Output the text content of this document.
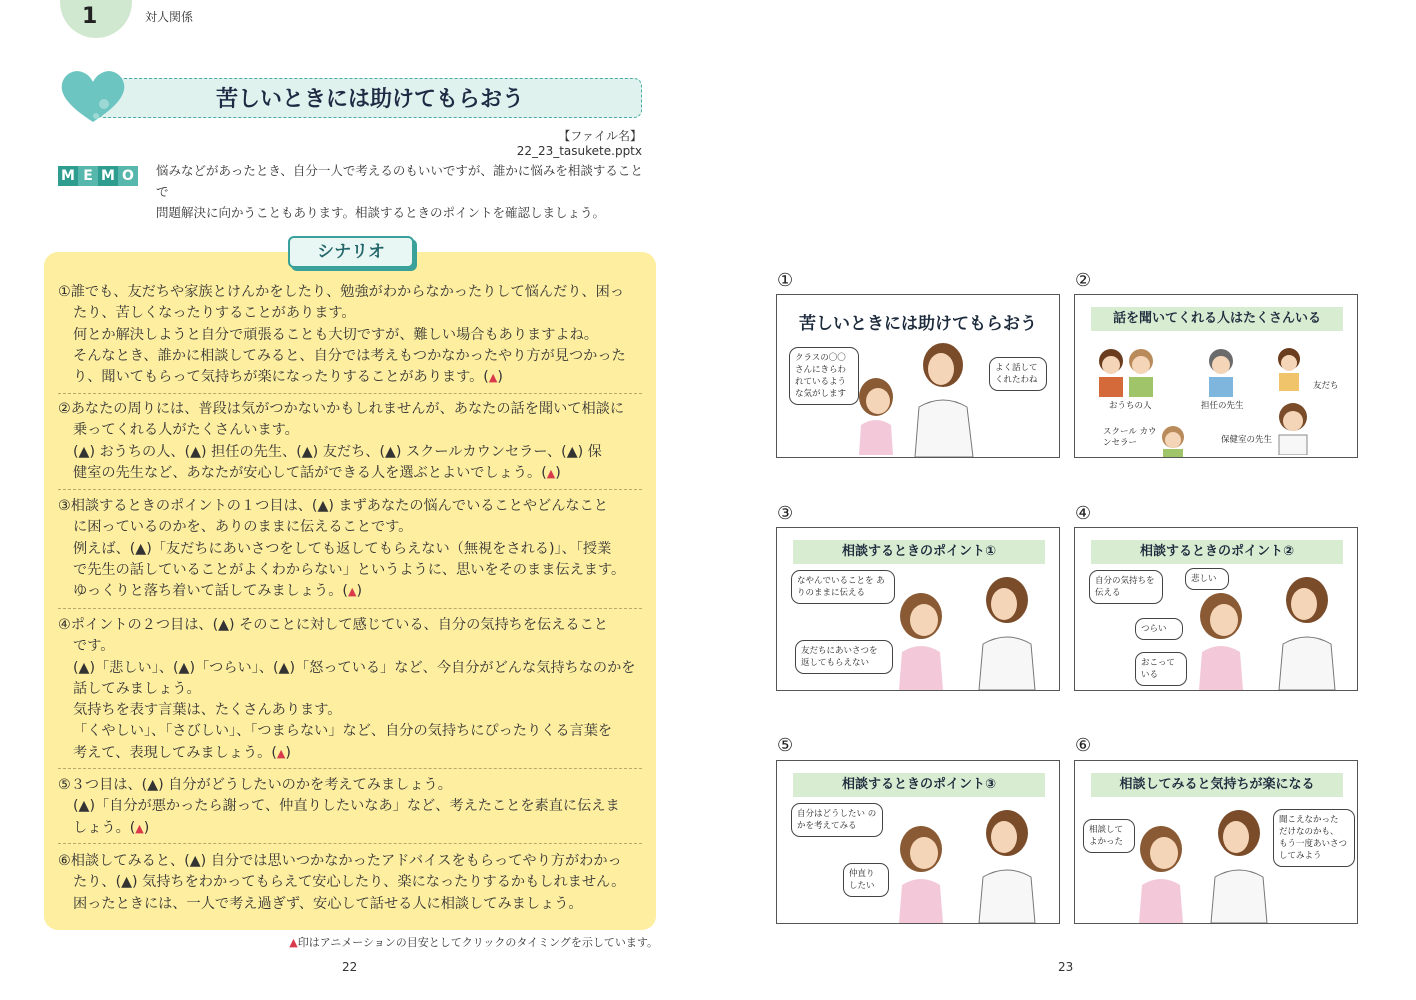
1	対人関係
苦しいときには助けてもらおう
【ファイル名】22_23_tasukete.pptx
M E M O	悩みなどがあったとき、自分一人で考えるのもいいですが、誰かに悩みを相談することで
問題解決に向かうこともあります。相談するときのポイントを確認しましょう。
シナリオ

①誰でも、友だちや家族とけんかをしたり、勉強がわからなかったりして悩んだり、困っ

たり、苦しくなったりすることがあります。

何とか解決しようと自分で頑張ることも大切ですが、難しい場合もありますよね。

そんなとき、誰かに相談してみると、自分では考えもつかなかったやり方が見つかった

り、聞いてもらって気持ちが楽になったりすることがあります。(▲)

②あなたの周りには、普段は気がつかないかもしれませんが、あなたの話を聞いて相談に

乗ってくれる人がたくさんいます。

(▲) おうちの人、(▲) 担任の先生、(▲) 友だち、(▲) スクールカウンセラー、(▲) 保

健室の先生など、あなたが安心して話ができる人を選ぶとよいでしょう。(▲)

③相談するときのポイントの１つ目は、(▲) まずあなたの悩んでいることやどんなこと

に困っているのかを、ありのままに伝えることです。

例えば、(▲)「友だちにあいさつをしても返してもらえない（無視をされる)」、「授業

で先生の話していることがよくわからない」というように、思いをそのまま伝えます。

ゆっくりと落ち着いて話してみましょう。(▲)

④ポイントの２つ目は、(▲) そのことに対して感じている、自分の気持ちを伝えること

です。

(▲)「悲しい」、(▲)「つらい」、(▲)「怒っている」など、今自分がどんな気持ちなのかを

話してみましょう。

気持ちを表す言葉は、たくさんあります。

「くやしい」、「さびしい」、「つまらない」など、自分の気持ちにぴったりくる言葉を

考えて、表現してみましょう。(▲)

⑤３つ目は、(▲) 自分がどうしたいのかを考えてみましょう。

(▲)「自分が悪かったら謝って、仲直りしたいなあ」など、考えたことを素直に伝えま

しょう。(▲)

⑥相談してみると、(▲) 自分では思いつかなかったアドバイスをもらってやり方がわかっ

たり、(▲) 気持ちをわかってもらえて安心したり、楽になったりするかもしれません。

困ったときには、一人で考え過ぎず、安心して話せる人に相談してみましょう。

▲印はアニメーションの目安としてクリックのタイミングを示しています。
22
①
苦しいときには助けてもらおう
クラスの〇〇 さんにきらわ れているよう な気がします
よく話して くれたわね
②
話を聞いてくれる人はたくさんいる
おうちの人	担任の先生
友だち
スクール カウンセラー	保健室の先生
③
相談するときのポイント①
なやんでいることを ありのままに伝える
友だちにあいさつを 返してもらえない
④
相談するときのポイント②
自分の気持ちを 伝える
悲しい
つらい
おこって いる
⑤
相談するときのポイント③
自分はどうしたい のかを考えてみる
仲直り したい
⑥
相談してみると気持ちが楽になる
相談して よかった
聞こえなかった だけなのかも、 もう一度あいさつ してみよう
23
